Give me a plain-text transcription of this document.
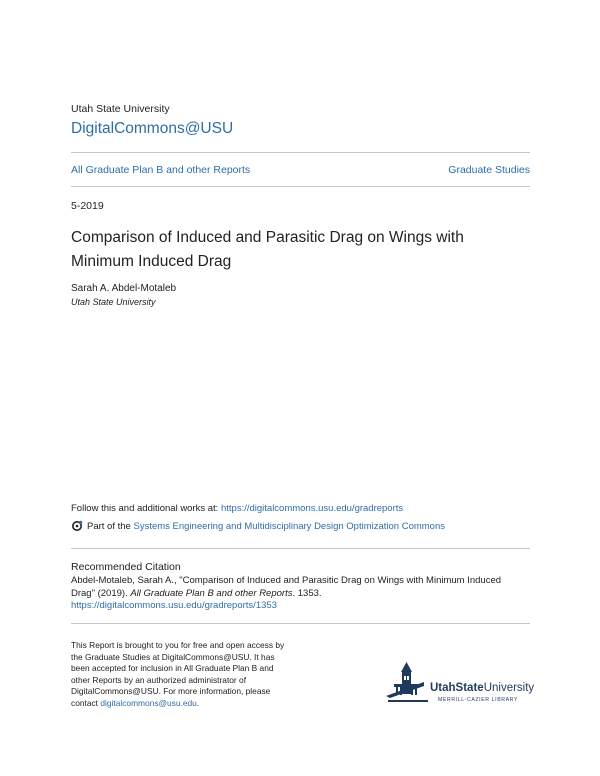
Utah State University
DigitalCommons@USU
All Graduate Plan B and other Reports	Graduate Studies
5-2019
Comparison of Induced and Parasitic Drag on Wings with
Minimum Induced Drag
Sarah A. Abdel-Motaleb
Utah State University
Follow this and additional works at: https://digitalcommons.usu.edu/gradreports
Part of the
Systems Engineering and Multidisciplinary Design Optimization Commons
Recommended Citation
Abdel-Motaleb, Sarah A., "Comparison of Induced and Parasitic Drag on Wings with Minimum Induced
Drag" (2019). All Graduate Plan B and other Reports. 1353.
https://digitalcommons.usu.edu/gradreports/1353
This Report is brought to you for free and open access by
the Graduate Studies at DigitalCommons@USU. It has
been accepted for inclusion in All Graduate Plan B and
other Reports by an authorized administrator of
DigitalCommons@USU. For more information, please
contact digitalcommons@usu.edu.
UtahStateUniversity
MERRILL-CAZIER LIBRARY
